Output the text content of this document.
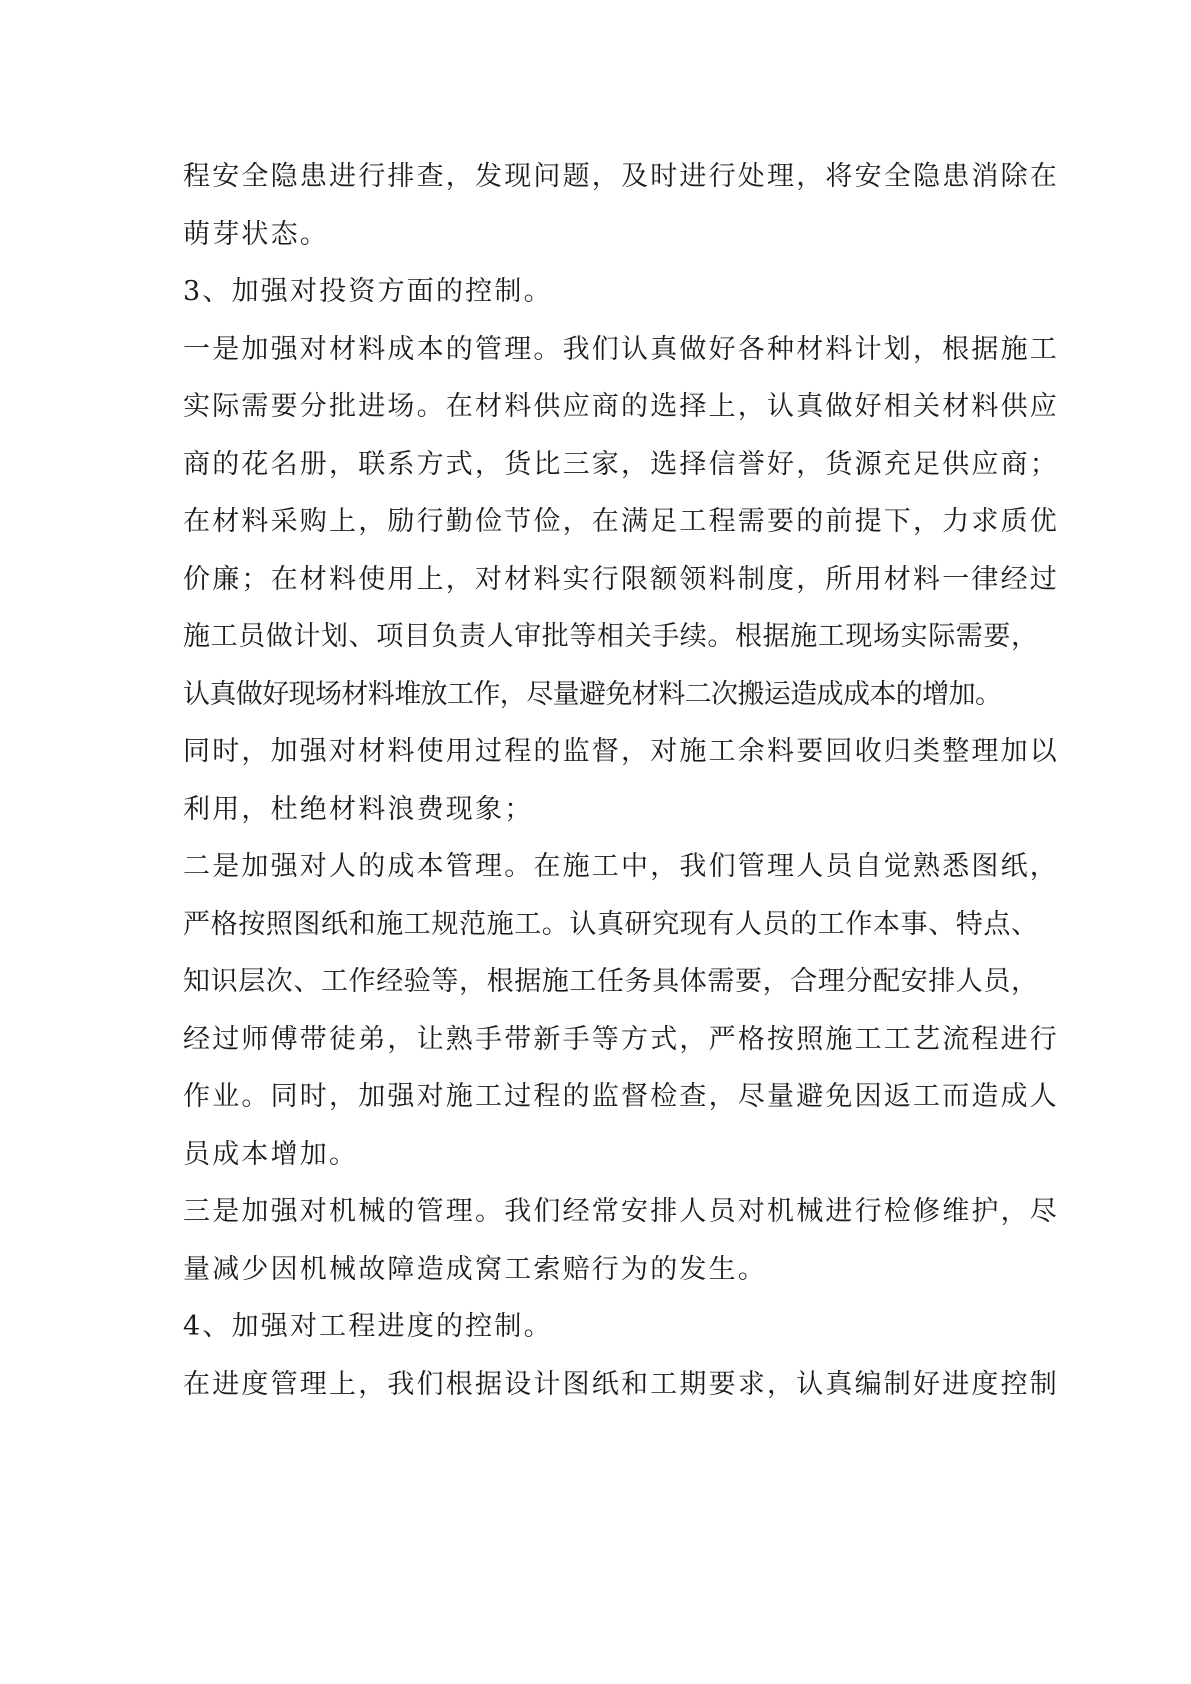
程安全隐患进行排查，发现问题，及时进行处理，将安全隐患消除在
萌芽状态。
3、加强对投资方面的控制。
一是加强对材料成本的管理。我们认真做好各种材料计划，根据施工
实际需要分批进场。在材料供应商的选择上，认真做好相关材料供应
商的花名册，联系方式，货比三家，选择信誉好，货源充足供应商；
在材料采购上，励行勤俭节俭，在满足工程需要的前提下，力求质优
价廉；在材料使用上，对材料实行限额领料制度，所用材料一律经过
施工员做计划、项目负责人审批等相关手续。根据施工现场实际需要，
认真做好现场材料堆放工作，尽量避免材料二次搬运造成成本的增加。
同时，加强对材料使用过程的监督，对施工余料要回收归类整理加以
利用，杜绝材料浪费现象；
二是加强对人的成本管理。在施工中，我们管理人员自觉熟悉图纸，
严格按照图纸和施工规范施工。认真研究现有人员的工作本事、特点、
知识层次、工作经验等，根据施工任务具体需要，合理分配安排人员，
经过师傅带徒弟，让熟手带新手等方式，严格按照施工工艺流程进行
作业。同时，加强对施工过程的监督检查，尽量避免因返工而造成人
员成本增加。
三是加强对机械的管理。我们经常安排人员对机械进行检修维护，尽
量减少因机械故障造成窝工索赔行为的发生。
4、加强对工程进度的控制。
在进度管理上，我们根据设计图纸和工期要求，认真编制好进度控制
